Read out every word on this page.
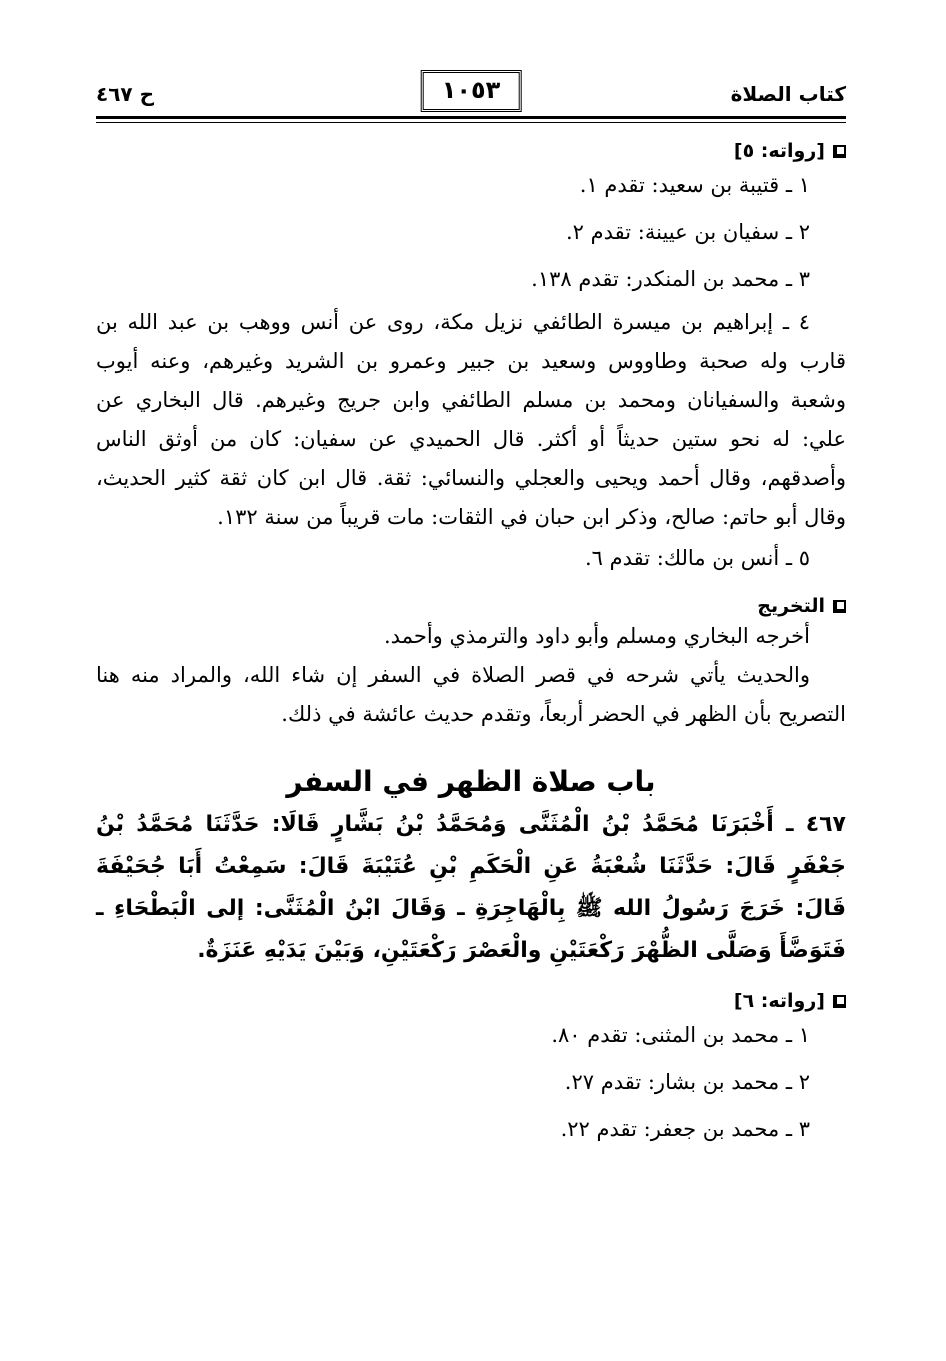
كتاب الصلاة
١٠٥٣
ح ٤٦٧

[رواته: ٥]

١ ـ قتيبة بن سعيد: تقدم ١.

٢ ـ سفيان بن عيينة: تقدم ٢.

٣ ـ محمد بن المنكدر: تقدم ١٣٨.

٤ ـ إبراهيم بن ميسرة الطائفي نزيل مكة، روى عن أنس ووهب بن عبد الله بن قارب وله صحبة وطاووس وسعيد بن جبير وعمرو بن الشريد وغيرهم، وعنه أيوب وشعبة والسفيانان ومحمد بن مسلم الطائفي وابن جريج وغيرهم. قال البخاري عن علي: له نحو ستين حديثاً أو أكثر. قال الحميدي عن سفيان: كان من أوثق الناس وأصدقهم، وقال أحمد ويحيى والعجلي والنسائي: ثقة. قال ابن كان ثقة كثير الحديث، وقال أبو حاتم: صالح، وذكر ابن حبان في الثقات: مات قريباً من سنة ١٣٢.

٥ ـ أنس بن مالك: تقدم ٦.

التخريج

أخرجه البخاري ومسلم وأبو داود والترمذي وأحمد.

والحديث يأتي شرحه في قصر الصلاة في السفر إن شاء الله، والمراد منه هنا التصريح بأن الظهر في الحضر أربعاً، وتقدم حديث عائشة في ذلك.

باب صلاة الظهر في السفر

٤٦٧ ـ أَخْبَرَنَا مُحَمَّدُ بْنُ الْمُثَنَّى وَمُحَمَّدُ بْنُ بَشَّارٍ قَالَا: حَدَّثَنَا مُحَمَّدُ بْنُ جَعْفَرٍ قَالَ: حَدَّثَنَا شُعْبَةُ عَنِ الْحَكَمِ بْنِ عُتَيْبَةَ قَالَ: سَمِعْتُ أَبَا جُحَيْفَةَ قَالَ: خَرَجَ رَسُولُ الله ﷺ بِالْهَاجِرَةِ ـ وَقَالَ ابْنُ الْمُثَنَّى: إلى الْبَطْحَاءِ ـ فَتَوَضَّأَ وَصَلَّى الظُّهْرَ رَكْعَتَيْنِ والْعَصْرَ رَكْعَتَيْنِ، وَبَيْنَ يَدَيْهِ عَنَزَةٌ.

[رواته: ٦]

١ ـ محمد بن المثنى: تقدم ٨٠.

٢ ـ محمد بن بشار: تقدم ٢٧.

٣ ـ محمد بن جعفر: تقدم ٢٢.
